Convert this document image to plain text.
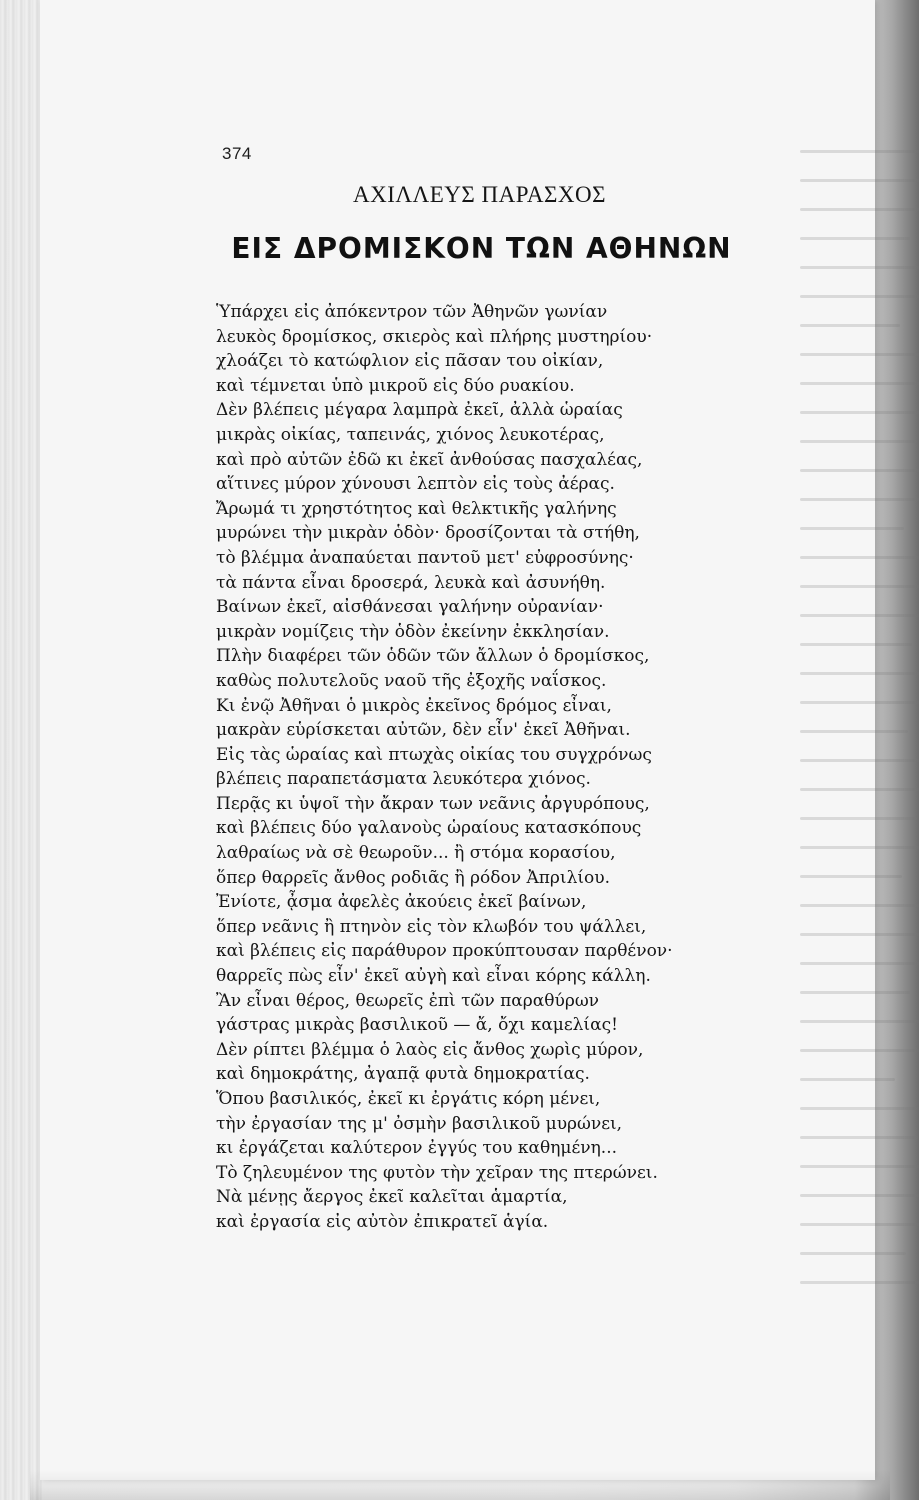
374
ΑΧΙΛΛΕΥΣ ΠΑΡΑΣΧΟΣ
ΕΙΣ ΔΡΟΜΙΣΚΟΝ ΤΩΝ ΑΘΗΝΩΝ
Ὑπάρχει εἰς ἀπόκεντρον τῶν Ἀθηνῶν γωνίαν
λευκὸς δρομίσκος, σκιερὸς καὶ πλήρης μυστηρίου·
χλοάζει τὸ κατώφλιον εἰς πᾶσαν του οἰκίαν,
καὶ τέμνεται ὑπὸ μικροῦ εἰς δύο ρυακίου.
Δὲν βλέπεις μέγαρα λαμπρὰ ἐκεῖ, ἀλλὰ ὡραίας
μικρὰς οἰκίας, ταπεινάς, χιόνος λευκοτέρας,
καὶ πρὸ αὐτῶν ἐδῶ κι ἐκεῖ ἀνθούσας πασχαλέας,
αἵτινες μύρον χύνουσι λεπτὸν εἰς τοὺς ἀέρας.
Ἄρωμά τι χρηστότητος καὶ θελκτικῆς γαλήνης
μυρώνει τὴν μικρὰν ὁδὸν· δροσίζονται τὰ στήθη,
τὸ βλέμμα ἀναπαύεται παντοῦ μετ' εὐφροσύνης·
τὰ πάντα εἶναι δροσερά, λευκὰ καὶ ἀσυνήθη.
Βαίνων ἐκεῖ, αἰσθάνεσαι γαλήνην οὐρανίαν·
μικρὰν νομίζεις τὴν ὁδὸν ἐκείνην ἐκκλησίαν.
Πλὴν διαφέρει τῶν ὁδῶν τῶν ἄλλων ὁ δρομίσκος,
καθὼς πολυτελοῦς ναοῦ τῆς ἐξοχῆς ναΐσκος.
Κι ἐνῷ Ἀθῆναι ὁ μικρὸς ἐκεῖνος δρόμος εἶναι,
μακρὰν εὑρίσκεται αὐτῶν, δὲν εἶν' ἐκεῖ Ἀθῆναι.
Εἰς τὰς ὡραίας καὶ πτωχὰς οἰκίας του συγχρόνως
βλέπεις παραπετάσματα λευκότερα χιόνος.
Περᾷς κι ὑψοῖ τὴν ἄκραν των νεᾶνις ἀργυρόπους,
καὶ βλέπεις δύο γαλανοὺς ὡραίους κατασκόπους
λαθραίως νὰ σὲ θεωροῦν... ἢ στόμα κορασίου,
ὅπερ θαρρεῖς ἄνθος ροδιᾶς ἢ ρόδον Ἀπριλίου.
Ἐνίοτε, ᾆσμα ἀφελὲς ἀκούεις ἐκεῖ βαίνων,
ὅπερ νεᾶνις ἢ πτηνὸν εἰς τὸν κλωβόν του ψάλλει,
καὶ βλέπεις εἰς παράθυρον προκύπτουσαν παρθένον·
θαρρεῖς πὼς εἶν' ἐκεῖ αὐγὴ καὶ εἶναι κόρης κάλλη.
Ἂν εἶναι θέρος, θεωρεῖς ἐπὶ τῶν παραθύρων
γάστρας μικρὰς βασιλικοῦ — ἄ, ὄχι καμελίας!
Δὲν ρίπτει βλέμμα ὁ λαὸς εἰς ἄνθος χωρὶς μύρον,
καὶ δημοκράτης, ἀγαπᾷ φυτὰ δημοκρατίας.
Ὅπου βασιλικός, ἐκεῖ κι ἐργάτις κόρη μένει,
τὴν ἐργασίαν της μ' ὀσμὴν βασιλικοῦ μυρώνει,
κι ἐργάζεται καλύτερον ἐγγύς του καθημένη...
Τὸ ζηλευμένον της φυτὸν τὴν χεῖραν της πτερώνει.
Νὰ μένῃς ἄεργος ἐκεῖ καλεῖται ἁμαρτία,
καὶ ἐργασία εἰς αὐτὸν ἐπικρατεῖ ἁγία.
